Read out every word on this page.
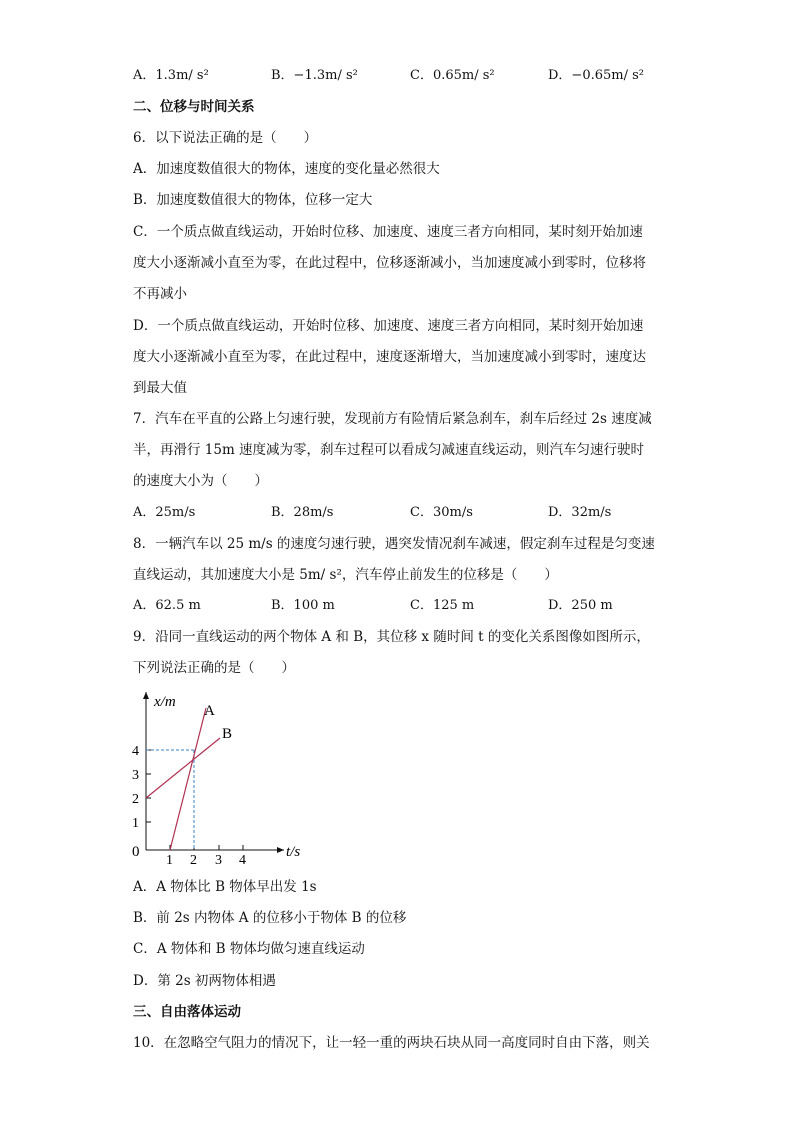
A．1.3m/ s²	B．−1.3m/ s²	C．0.65m/ s²	D．−0.65m/ s²
二、位移与时间关系
6．以下说法正确的是（　　）
A．加速度数值很大的物体，速度的变化量必然很大
B．加速度数值很大的物体，位移一定大
C．一个质点做直线运动，开始时位移、加速度、速度三者方向相同，某时刻开始加速
度大小逐渐减小直至为零，在此过程中，位移逐渐减小，当加速度减小到零时，位移将
不再减小
D．一个质点做直线运动，开始时位移、加速度、速度三者方向相同，某时刻开始加速
度大小逐渐减小直至为零，在此过程中，速度逐渐增大，当加速度减小到零时，速度达
到最大值
7．汽车在平直的公路上匀速行驶，发现前方有险情后紧急刹车，刹车后经过 2s 速度减
半，再滑行 15m 速度减为零，刹车过程可以看成匀减速直线运动，则汽车匀速行驶时
的速度大小为（　　）
A．25m/s	B．28m/s	C．30m/s	D．32m/s
8．一辆汽车以 25 m/s 的速度匀速行驶，遇突发情况刹车减速，假定刹车过程是匀变速
直线运动，其加速度大小是 5m/ s²，汽车停止前发生的位移是（　　）
A．62.5 m	B．100 m	C．125 m	D．250 m
9．沿同一直线运动的两个物体 A 和 B，其位移 x 随时间 t 的变化关系图像如图所示，
下列说法正确的是（　　）
A
B
x/m
t/s
0
1 2 3 4
1
2
3
4
A．A 物体比 B 物体早出发 1s
B．前 2s 内物体 A 的位移小于物体 B 的位移
C．A 物体和 B 物体均做匀速直线运动
D．第 2s 初两物体相遇
三、自由落体运动
10．在忽略空气阻力的情况下，让一轻一重的两块石块从同一高度同时自由下落，则关
